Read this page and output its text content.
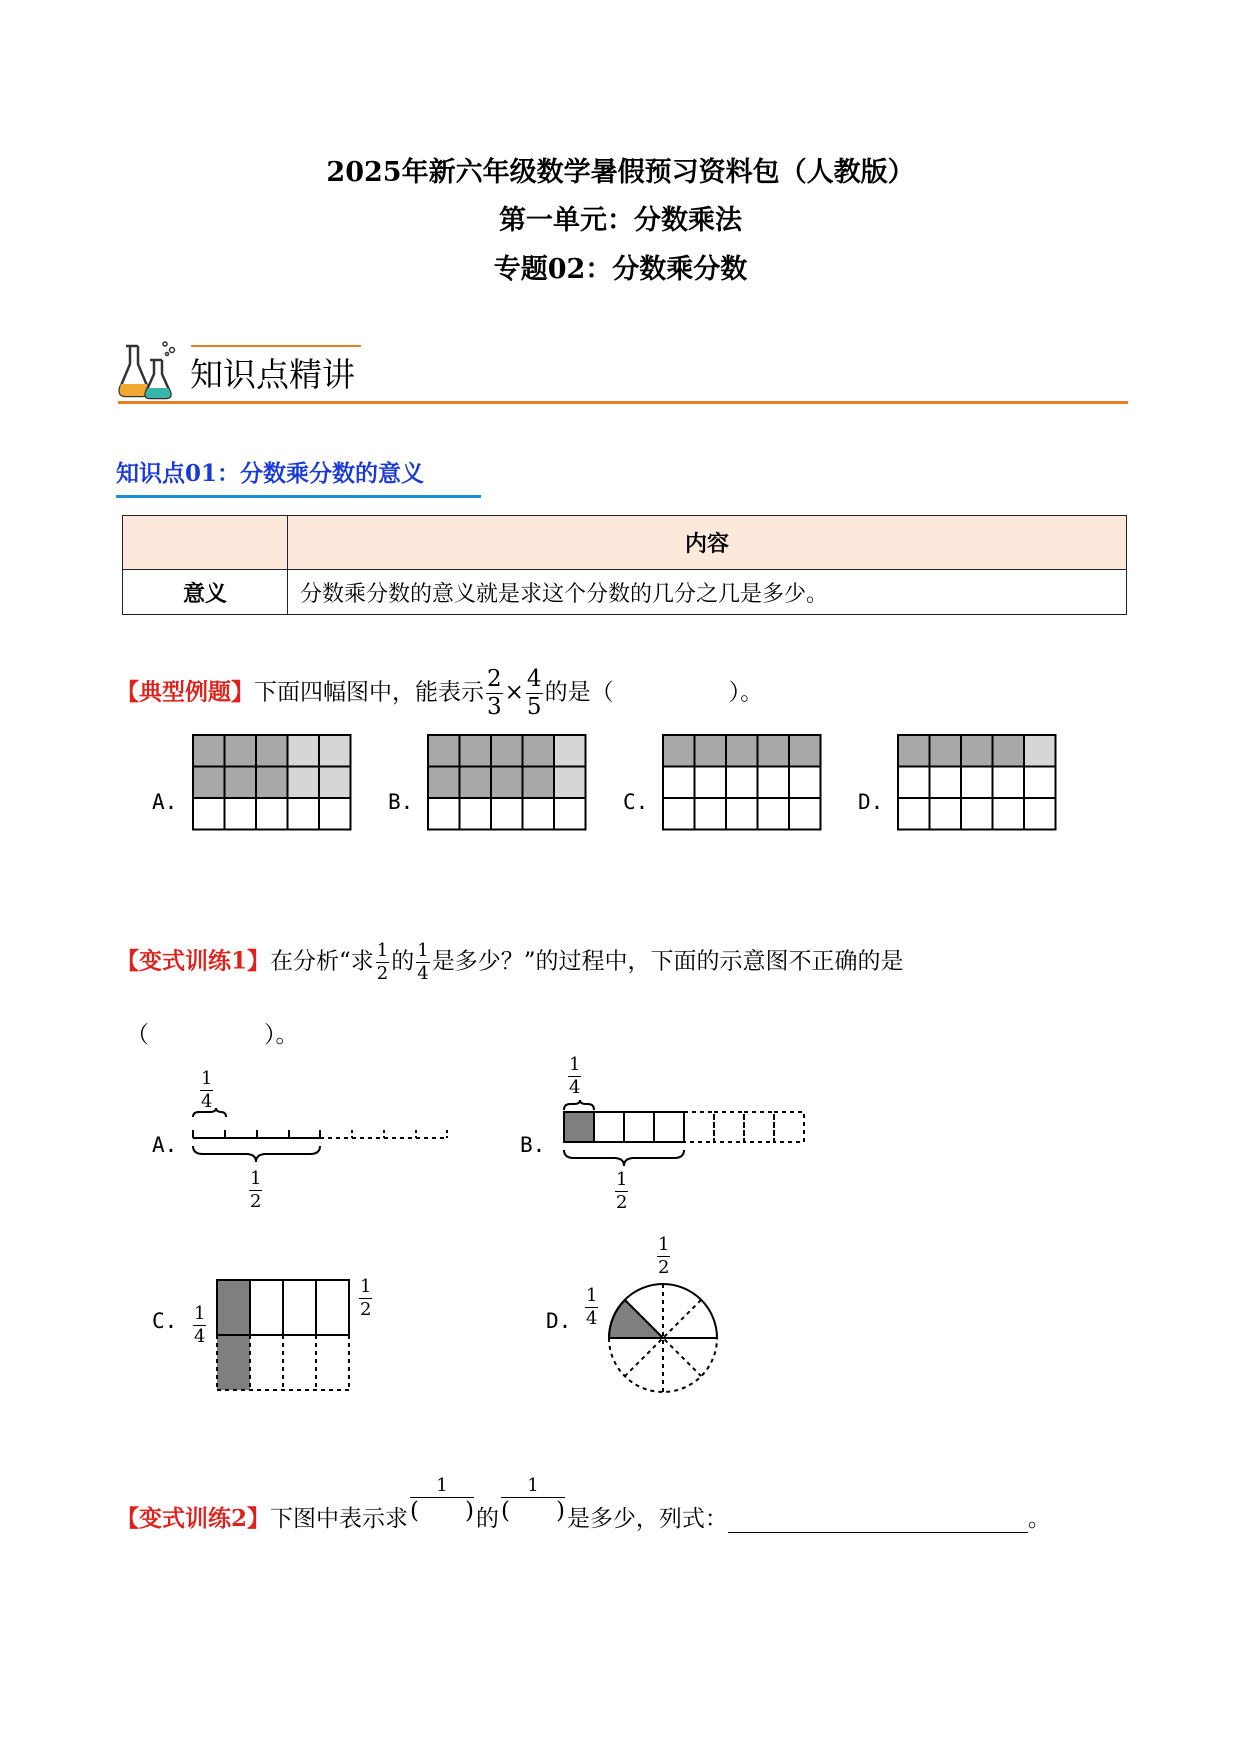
2025年新六年级数学暑假预习资料包（人教版）
第一单元：分数乘法
专题02：分数乘分数
知识点精讲
知识点01：分数乘分数的意义
	内容
意义	分数乘分数的意义就是求这个分数的几分之几是多少。
【典型例题】下面四幅图中，能表示 $\frac{2}{3} \times \frac{4}{5}$ 的是（　　　　　）。
A.	B.	C.	D.
【变式训练1】在分析“求 $\frac{1}{2}$ 的 $\frac{1}{4}$ 是多少？”的过程中，下面的示意图不正确的是
（　　　　　）。
A.	B.
C.	D.
$\frac{1}{4}$
$\frac{1}{2}$
$\frac{1}{4}$
$\frac{1}{2}$
$\frac{1}{4}$
$\frac{1}{2}$	$\frac{1}{4}$
$\frac{1}{2}$
【变式训练2】下图中表示求 $\frac{1}{( )}$ 的 $\frac{1}{( )}$ 是多少，列式：	。
